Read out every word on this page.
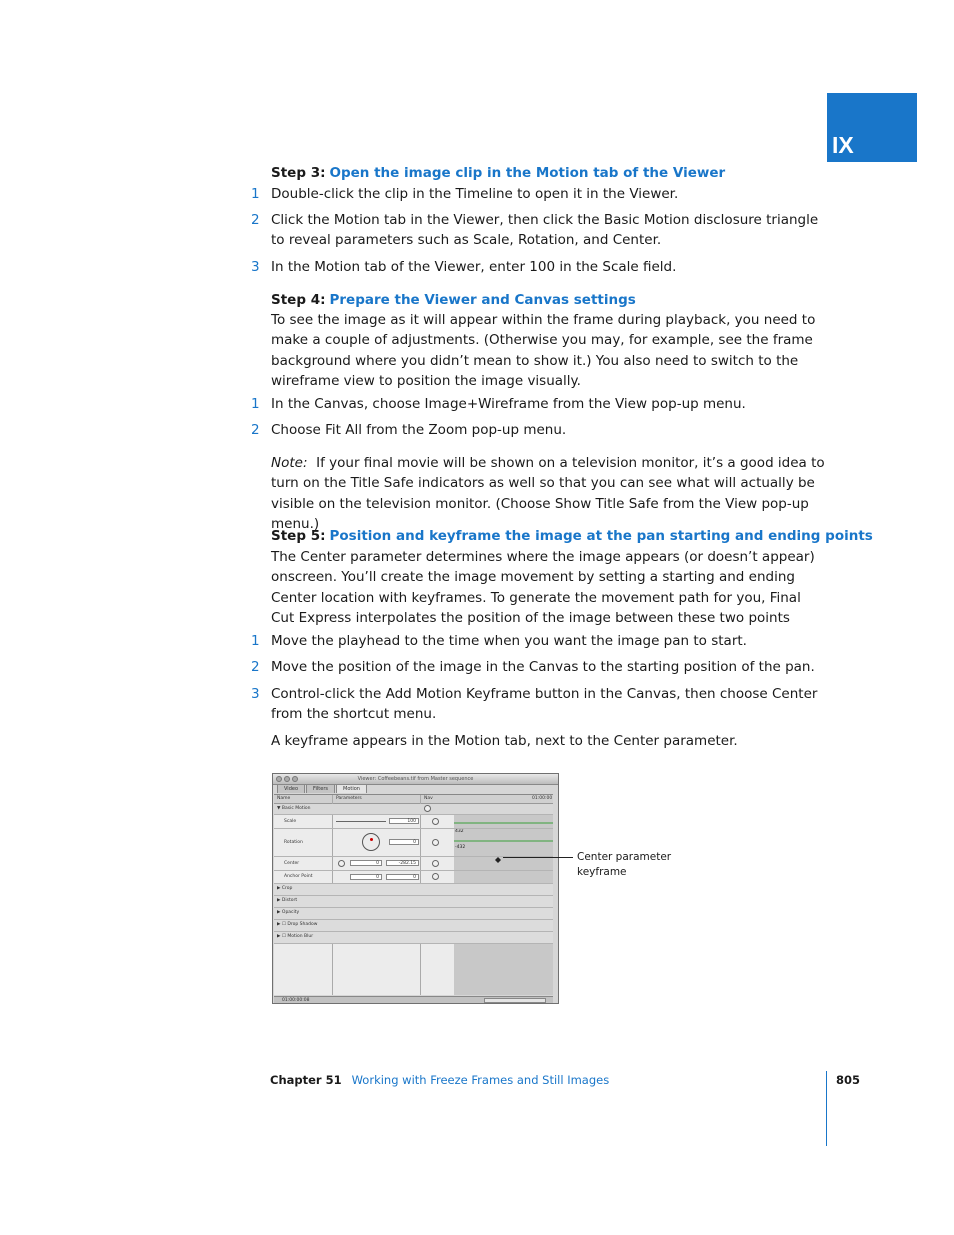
IX
Step 3: Open the image clip in the Motion tab of the Viewer
1 Double-click the clip in the Timeline to open it in the Viewer.
2 Click the Motion tab in the Viewer, then click the Basic Motion disclosure triangle to reveal parameters such as Scale, Rotation, and Center.
3 In the Motion tab of the Viewer, enter 100 in the Scale field.
Step 4: Prepare the Viewer and Canvas settings
To see the image as it will appear within the frame during playback, you need to make a couple of adjustments. (Otherwise you may, for example, see the frame background where you didn’t mean to show it.) You also need to switch to the wireframe view to position the image visually.
1 In the Canvas, choose Image+Wireframe from the View pop-up menu.
2 Choose Fit All from the Zoom pop-up menu.
Note: If your final movie will be shown on a television monitor, it’s a good idea to turn on the Title Safe indicators as well so that you can see what will actually be visible on the television monitor. (Choose Show Title Safe from the View pop-up menu.)
Step 5: Position and keyframe the image at the pan starting and ending points
The Center parameter determines where the image appears (or doesn’t appear) onscreen. You’ll create the image movement by setting a starting and ending Center location with keyframes. To generate the movement path for you, Final Cut Express interpolates the position of the image between these two points
1 Move the playhead to the time when you want the image pan to start.
2 Move the position of the image in the Canvas to the starting position of the pan.
3 Control-click the Add Motion Keyframe button in the Canvas, then choose Center from the shortcut menu.
A keyframe appears in the Motion tab, next to the Center parameter.
Viewer: Coffeebeans.tif from Master sequence
Video	Filters	Motion
432
-432
Name	Parameters	Nav	01:00:00
▼ Basic Motion
Scale	100
Rotation	0
Center	0	-282.15
Anchor Point	0	0
▶ Crop
▶ Distort
▶ Opacity
▶ ☐ Drop Shadow
▶ ☐ Motion Blur
01:00:00:08
Center parameter
keyframe
Chapter 51 Working with Freeze Frames and Still Images	805
